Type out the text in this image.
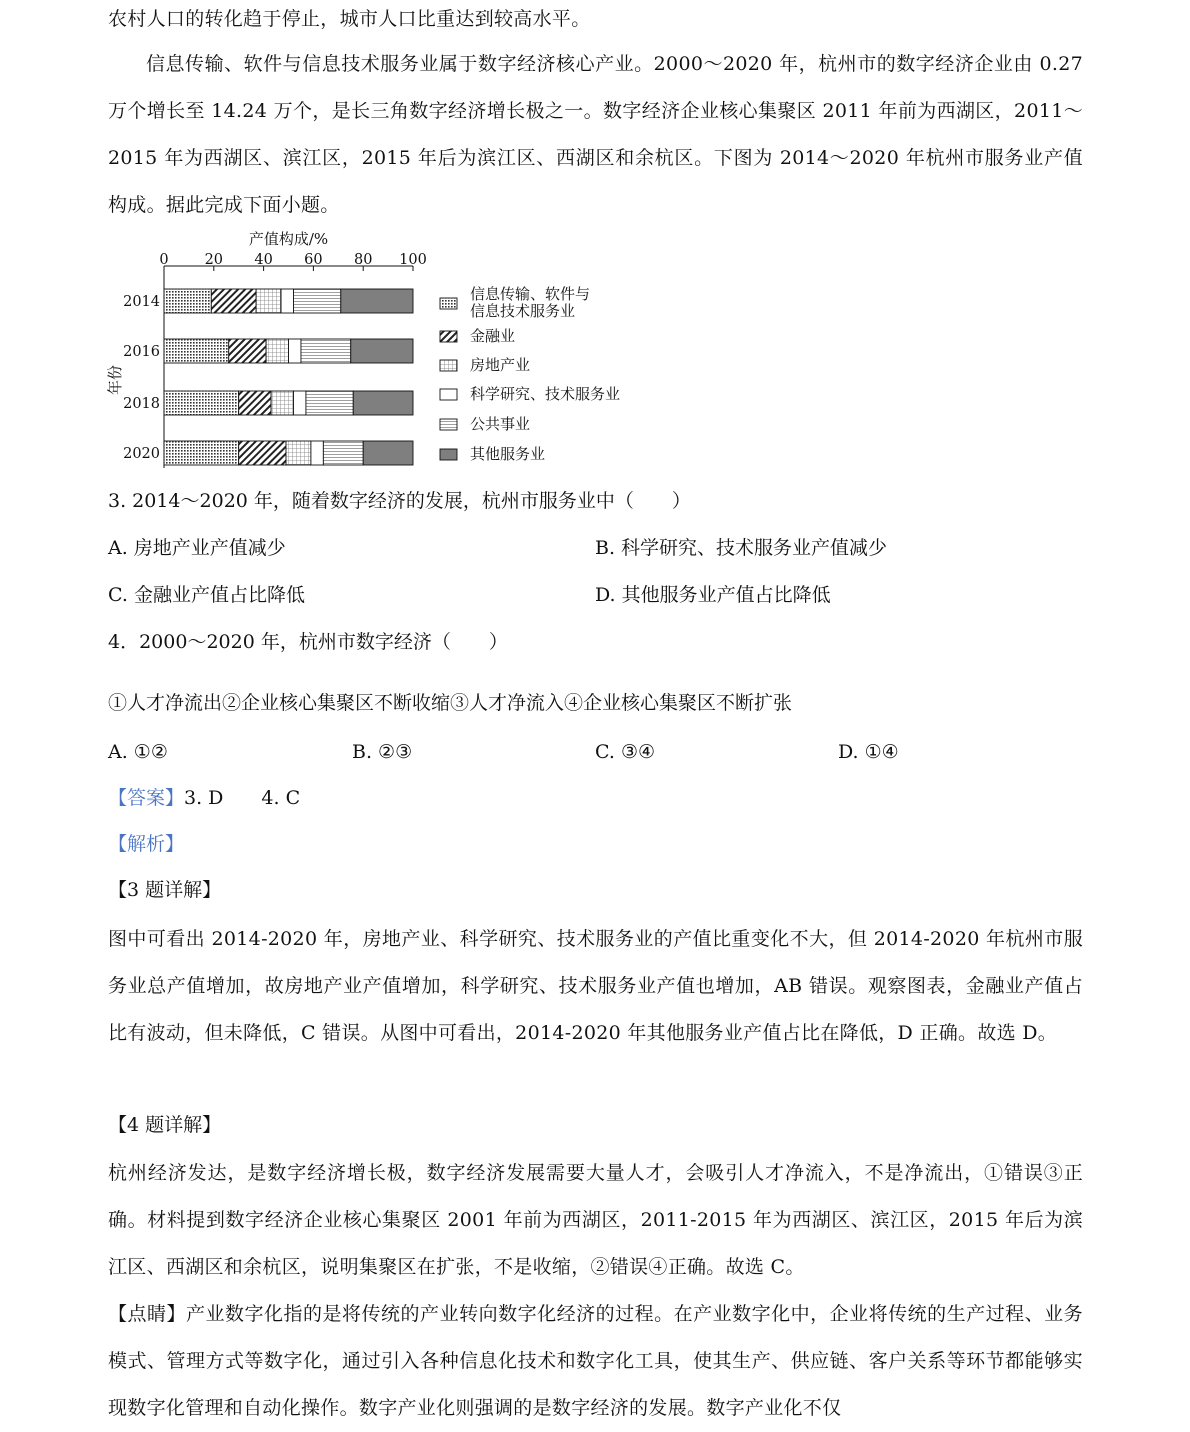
农村人口的转化趋于停止，城市人口比重达到较高水平。

信息传输、软件与信息技术服务业属于数字经济核心产业。2000～2020 年，杭州市的数字经济企业由 0.27 万个增长至 14.24 万个，是长三角数字经济增长极之一。数字经济企业核心集聚区 2011 年前为西湖区，2011～2015 年为西湖区、滨江区，2015 年后为滨江区、西湖区和余杭区。下图为 2014～2020 年杭州市服务业产值构成。据此完成下面小题。

产值构成/%
0 20 40 60 80 100
年份
2014
2016
2018
2020
信息传输、软件与
信息技术服务业
金融业
房地产业
科学研究、技术服务业
公共事业
其他服务业
3. 2014～2020 年，随着数字经济的发展，杭州市服务业中（　　）
A. 房地产业产值减少	B. 科学研究、技术服务业产值减少
C. 金融业产值占比降低	D. 其他服务业产值占比降低
4．2000～2020 年，杭州市数字经济（　　）
①人才净流出②企业核心集聚区不断收缩③人才净流入④企业核心集聚区不断扩张
A. ①②	B. ②③	C. ③④	D. ①④
【答案】3. D　　4. C
【解析】
【3 题详解】

图中可看出 2014-2020 年，房地产业、科学研究、技术服务业的产值比重变化不大，但 2014-2020 年杭州市服务业总产值增加，故房地产业产值增加，科学研究、技术服务业产值也增加，AB 错误。观察图表，金融业产值占比有波动，但未降低，C 错误。从图中可看出，2014-2020 年其他服务业产值占比在降低，D 正确。故选 D。

【4 题详解】

杭州经济发达，是数字经济增长极，数字经济发展需要大量人才，会吸引人才净流入，不是净流出，①错误③正确。材料提到数字经济企业核心集聚区 2001 年前为西湖区，2011-2015 年为西湖区、滨江区，2015 年后为滨江区、西湖区和余杭区，说明集聚区在扩张，不是收缩，②错误④正确。故选 C。

【点睛】产业数字化指的是将传统的产业转向数字化经济的过程。在产业数字化中，企业将传统的生产过程、业务模式、管理方式等数字化，通过引入各种信息化技术和数字化工具，使其生产、供应链、客户关系等环节都能够实现数字化管理和自动化操作。数字产业化则强调的是数字经济的发展。数字产业化不仅
